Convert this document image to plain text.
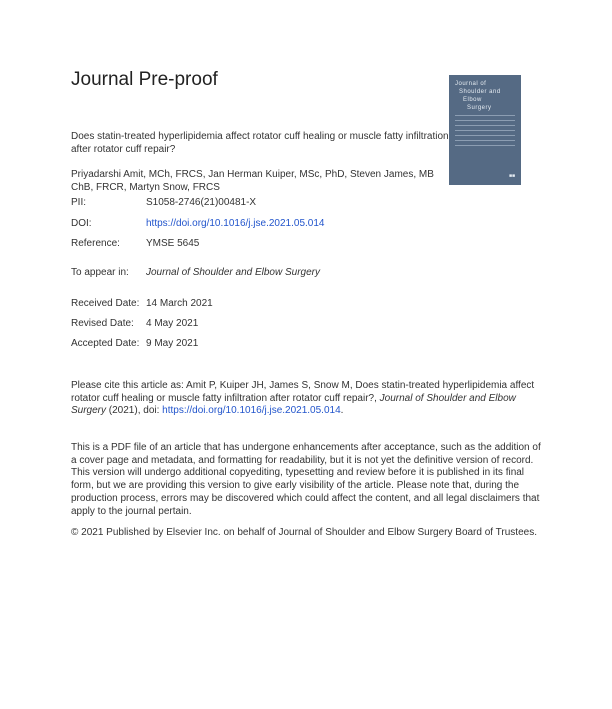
Journal Pre-proof	Journal of
Shoulder and
Elbow
Surgery
■■
Does statin-treated hyperlipidemia affect rotator cuff healing or muscle fatty infiltration after rotator cuff repair?
Priyadarshi Amit, MCh, FRCS, Jan Herman Kuiper, MSc, PhD, Steven James, MB ChB, FRCR, Martyn Snow, FRCS
PII:	S1058-2746(21)00481-X
DOI:	https://doi.org/10.1016/j.jse.2021.05.014
Reference:	YMSE 5645
To appear in:	Journal of Shoulder and Elbow Surgery
Received Date: 14 March 2021
Revised Date:	4 May 2021
Accepted Date: 9 May 2021
Please cite this article as: Amit P, Kuiper JH, James S, Snow M, Does statin-treated hyperlipidemia affect rotator cuff healing or muscle fatty infiltration after rotator cuff repair?, Journal of Shoulder and Elbow Surgery (2021), doi: https://doi.org/10.1016/j.jse.2021.05.014.
This is a PDF file of an article that has undergone enhancements after acceptance, such as the addition of a cover page and metadata, and formatting for readability, but it is not yet the definitive version of record. This version will undergo additional copyediting, typesetting and review before it is published in its final form, but we are providing this version to give early visibility of the article. Please note that, during the production process, errors may be discovered which could affect the content, and all legal disclaimers that apply to the journal pertain.
© 2021 Published by Elsevier Inc. on behalf of Journal of Shoulder and Elbow Surgery Board of Trustees.
